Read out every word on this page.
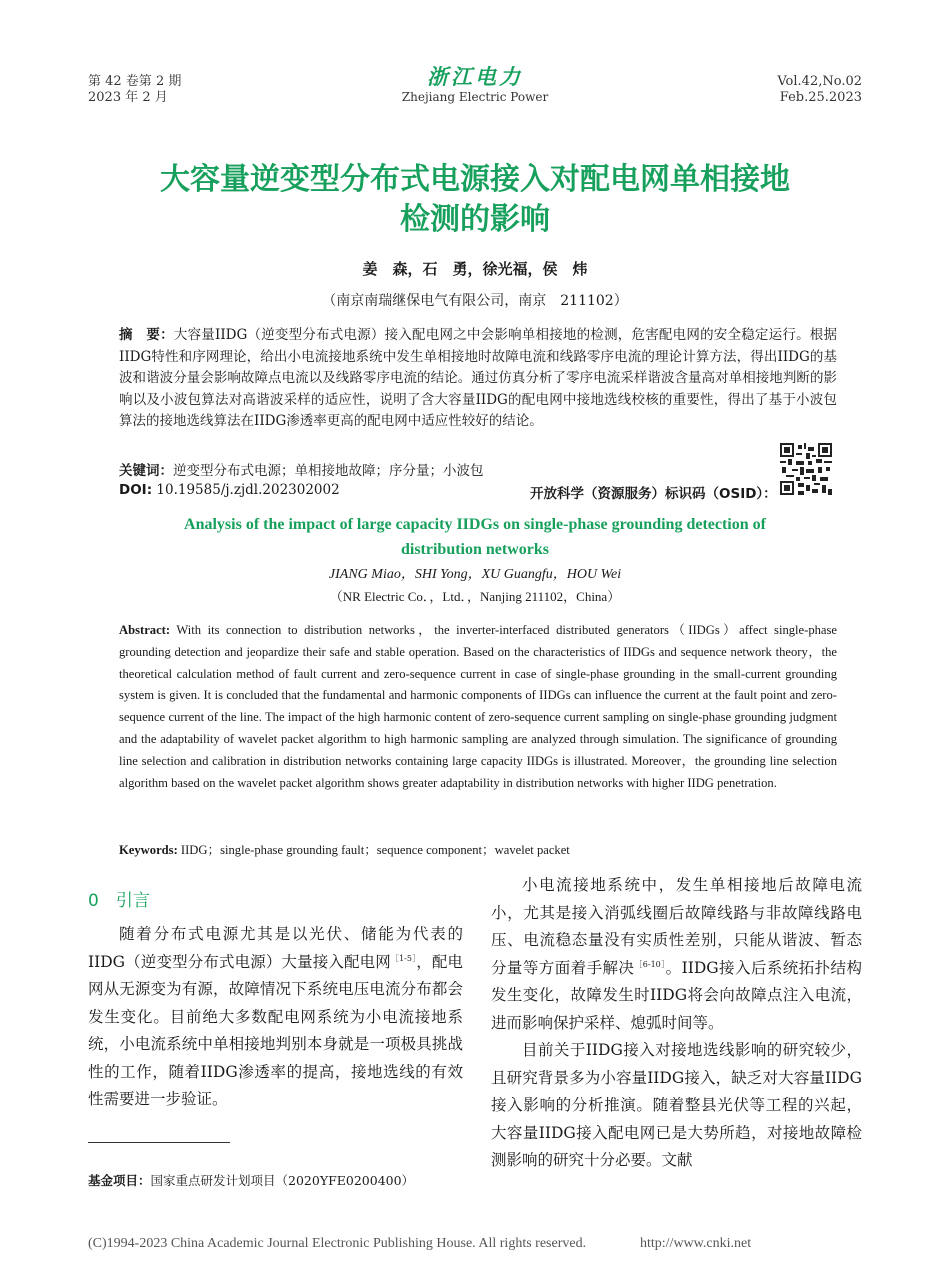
第 42 卷第 2 期
2023 年 2 月
浙江电力
Zhejiang Electric Power
Vol.42,No.02
Feb.25.2023
大容量逆变型分布式电源接入对配电网单相接地
检测的影响
姜　森，石　勇，徐光福，侯　炜
（南京南瑞继保电气有限公司，南京　211102）
摘　要：大容量IIDG（逆变型分布式电源）接入配电网之中会影响单相接地的检测，危害配电网的安全稳定运行。根据IIDG特性和序网理论，给出小电流接地系统中发生单相接地时故障电流和线路零序电流的理论计算方法，得出IIDG的基波和谐波分量会影响故障点电流以及线路零序电流的结论。通过仿真分析了零序电流采样谐波含量高对单相接地判断的影响以及小波包算法对高谐波采样的适应性，说明了含大容量IIDG的配电网中接地选线校核的重要性，得出了基于小波包算法的接地选线算法在IIDG渗透率更高的配电网中适应性较好的结论。
关键词：逆变型分布式电源；单相接地故障；序分量；小波包
DOI: 10.19585/j.zjdl.202302002	开放科学（资源服务）标识码（OSID）：
Analysis of the impact of large capacity IIDGs on single-phase grounding detection of
distribution networks
JIANG Miao，SHI Yong，XU Guangfu，HOU Wei
（NR Electric Co．，Ltd．，Nanjing 211102，China）
Abstract: With its connection to distribution networks，the inverter-interfaced distributed generators（IIDGs）affect single-phase grounding detection and jeopardize their safe and stable operation. Based on the characteristics of IIDGs and sequence network theory，the theoretical calculation method of fault current and zero-sequence current in case of single-phase grounding in the small-current grounding system is given. It is concluded that the fundamental and harmonic components of IIDGs can influence the current at the fault point and zero-sequence current of the line. The impact of the high harmonic content of zero-sequence current sampling on single-phase grounding judgment and the adaptability of wavelet packet algorithm to high harmonic sampling are analyzed through simulation. The significance of grounding line selection and calibration in distribution networks containing large capacity IIDGs is illustrated. Moreover，the grounding line selection algorithm based on the wavelet packet algorithm shows greater adaptability in distribution networks with higher IIDG penetration.
Keywords: IIDG；single-phase grounding fault；sequence component；wavelet packet
0　引言

随着分布式电源尤其是以光伏、储能为代表的IIDG（逆变型分布式电源）大量接入配电网$^{[1-5]}$，配电网从无源变为有源，故障情况下系统电压电流分布都会发生变化。目前绝大多数配电网系统为小电流接地系统，小电流系统中单相接地判别本身就是一项极具挑战性的工作，随着IIDG渗透率的提高，接地选线的有效性需要进一步验证。

小电流接地系统中，发生单相接地后故障电流小，尤其是接入消弧线圈后故障线路与非故障线路电压、电流稳态量没有实质性差别，只能从谐波、暂态分量等方面着手解决$^{[6-10]}$。IIDG接入后系统拓扑结构发生变化，故障发生时IIDG将会向故障点注入电流，进而影响保护采样、熄弧时间等。

目前关于IIDG接入对接地选线影响的研究较少，且研究背景多为小容量IIDG接入，缺乏对大容量IIDG接入影响的分析推演。随着整县光伏等工程的兴起，大容量IIDG接入配电网已是大势所趋，对接地故障检测影响的研究十分必要。文献

基金项目：国家重点研发计划项目（2020YFE0200400）
(C)1994-2023 China Academic Journal Electronic Publishing House. All rights reserved.	http://www.cnki.net
